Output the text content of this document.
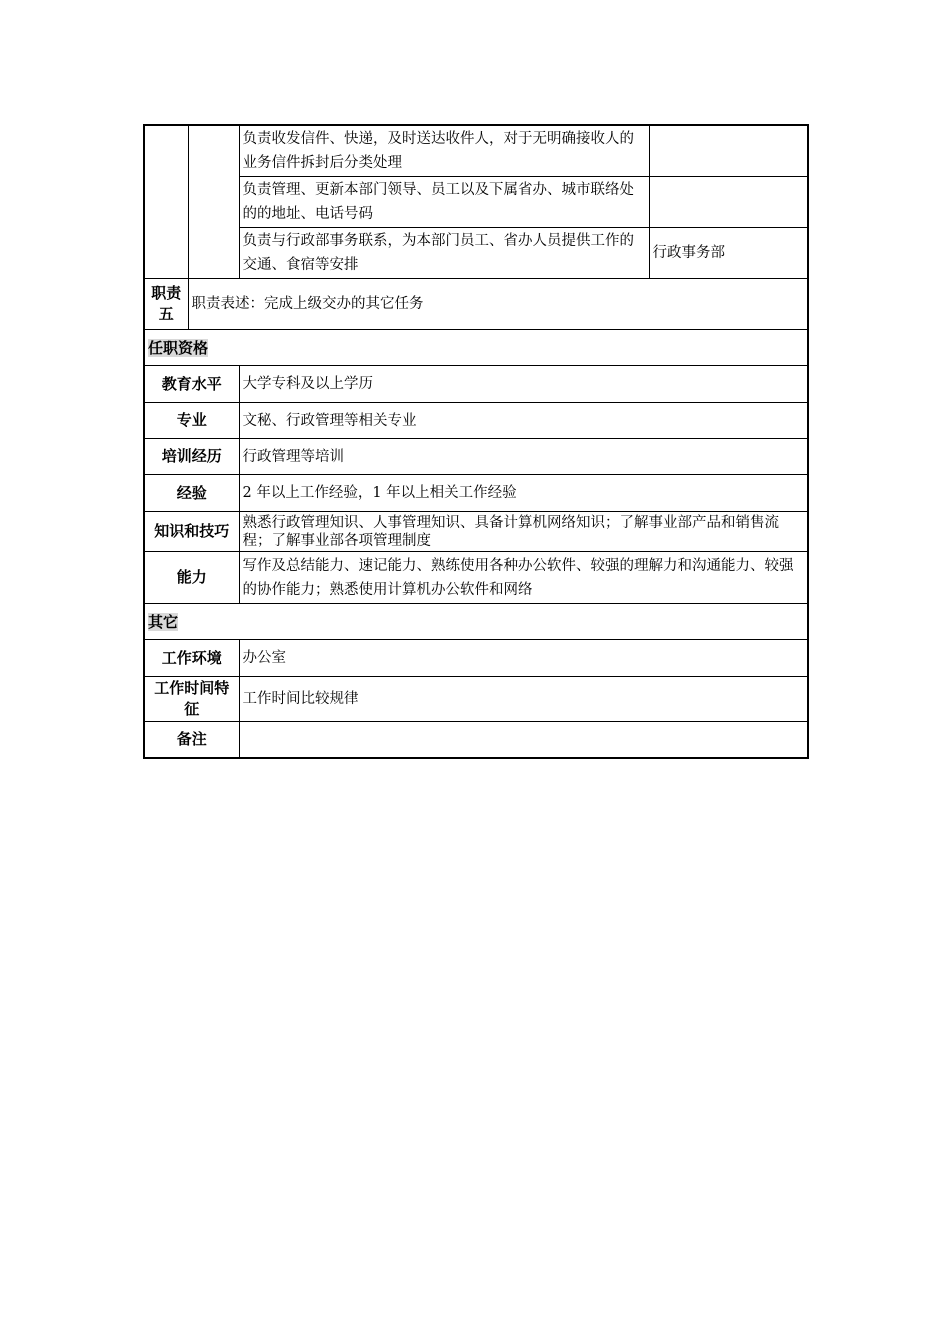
		负责收发信件、快递，及时送达收件人，对于无明确接收人的业务信件拆封后分类处理	
		负责管理、更新本部门领导、员工以及下属省办、城市联络处的的地址、电话号码	
		负责与行政部事务联系，为本部门员工、省办人员提供工作的交通、食宿等安排	行政事务部
职责五	职责表述：完成上级交办的其它任务		
任职资格			
教育水平		大学专科及以上学历	
专业		文秘、行政管理等相关专业	
培训经历		行政管理等培训	
经验		2 年以上工作经验，1 年以上相关工作经验	
知识和技巧		熟悉行政管理知识、人事管理知识、具备计算机网络知识；了解事业部产品和销售流程；了解事业部各项管理制度	
能力		写作及总结能力、速记能力、熟练使用各种办公软件、较强的理解力和沟通能力、较强的协作能力；熟悉使用计算机办公软件和网络	
其它			
工作环境		办公室	
工作时间特征		工作时间比较规律	
备注			
